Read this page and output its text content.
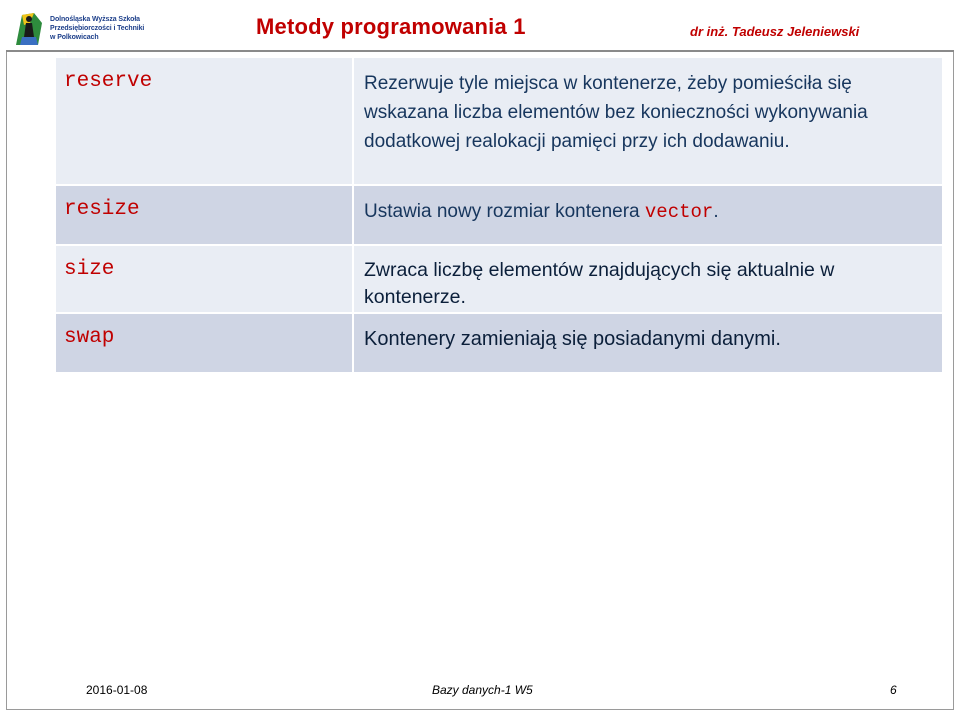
Dolnośląska Wyższa Szkoła
Przedsiębiorczości i Techniki
w Polkowicach	Metody programowania 1	dr inż. Tadeusz Jeleniewski
reserve	Rezerwuje tyle miejsca w kontenerze, żeby pomieściła się wskazana liczba elementów bez konieczności wykonywania dodatkowej realokacji pamięci przy ich dodawaniu.
resize	Ustawia nowy rozmiar kontenera vector.
size	Zwraca liczbę elementów znajdujących się aktualnie w kontenerze.
swap	Kontenery zamieniają się posiadanymi danymi.
2016-01-08	Bazy danych-1 W5	6
